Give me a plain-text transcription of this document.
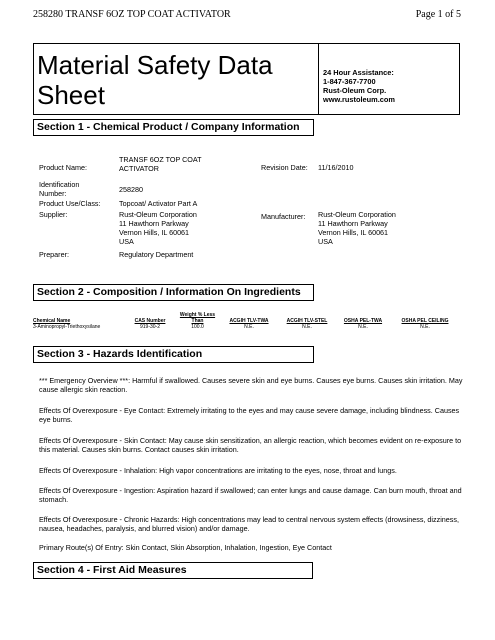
258280 TRANSF 6OZ TOP COAT ACTIVATOR	Page 1 of 5
Material Safety Data Sheet
24 Hour Assistance:
1-847-367-7700
Rust-Oleum Corp.
www.rustoleum.com
Section 1 - Chemical Product / Company Information
Product Name:
TRANSF 6OZ TOP COAT
ACTIVATOR	Revision Date: 11/16/2010
Identification
Number:	258280
Product Use/Class:	Topcoat/ Activator Part A
Supplier:	Rust-Oleum Corporation
11 Hawthorn Parkway
Vernon Hills, IL 60061
USA
Manufacturer: Rust-Oleum Corporation
11 Hawthorn Parkway
Vernon Hills, IL 60061
USA
Preparer:	Regulatory Department
Section 2 - Composition / Information On Ingredients
Chemical Name	CAS Number	Weight % Less
Than	ACGIH TLV-TWA	ACGIH TLV-STEL	OSHA PEL-TWA	OSHA PEL CEILING
3-Aminopropyl-Triethoxysilane	919-30-2	100.0	N.E.	N.E.	N.E.	N.E.
Section 3 - Hazards Identification
*** Emergency Overview ***: Harmful if swallowed. Causes severe skin and eye burns. Causes eye burns. Causes skin irritation. May cause allergic skin reaction.
Effects Of Overexposure - Eye Contact: Extremely irritating to the eyes and may cause severe damage, including blindness. Causes eye burns.
Effects Of Overexposure - Skin Contact: May cause skin sensitization, an allergic reaction, which becomes evident on re-exposure to this material. Causes skin burns. Contact causes skin irritation.
Effects Of Overexposure - Inhalation: High vapor concentrations are irritating to the eyes, nose, throat and lungs.
Effects Of Overexposure - Ingestion: Aspiration hazard if swallowed; can enter lungs and cause damage. Can burn mouth, throat and stomach.
Effects Of Overexposure - Chronic Hazards: High concentrations may lead to central nervous system effects (drowsiness, dizziness, nausea, headaches, paralysis, and blurred vision) and/or damage.
Primary Route(s) Of Entry: Skin Contact, Skin Absorption, Inhalation, Ingestion, Eye Contact
Section 4 - First Aid Measures
